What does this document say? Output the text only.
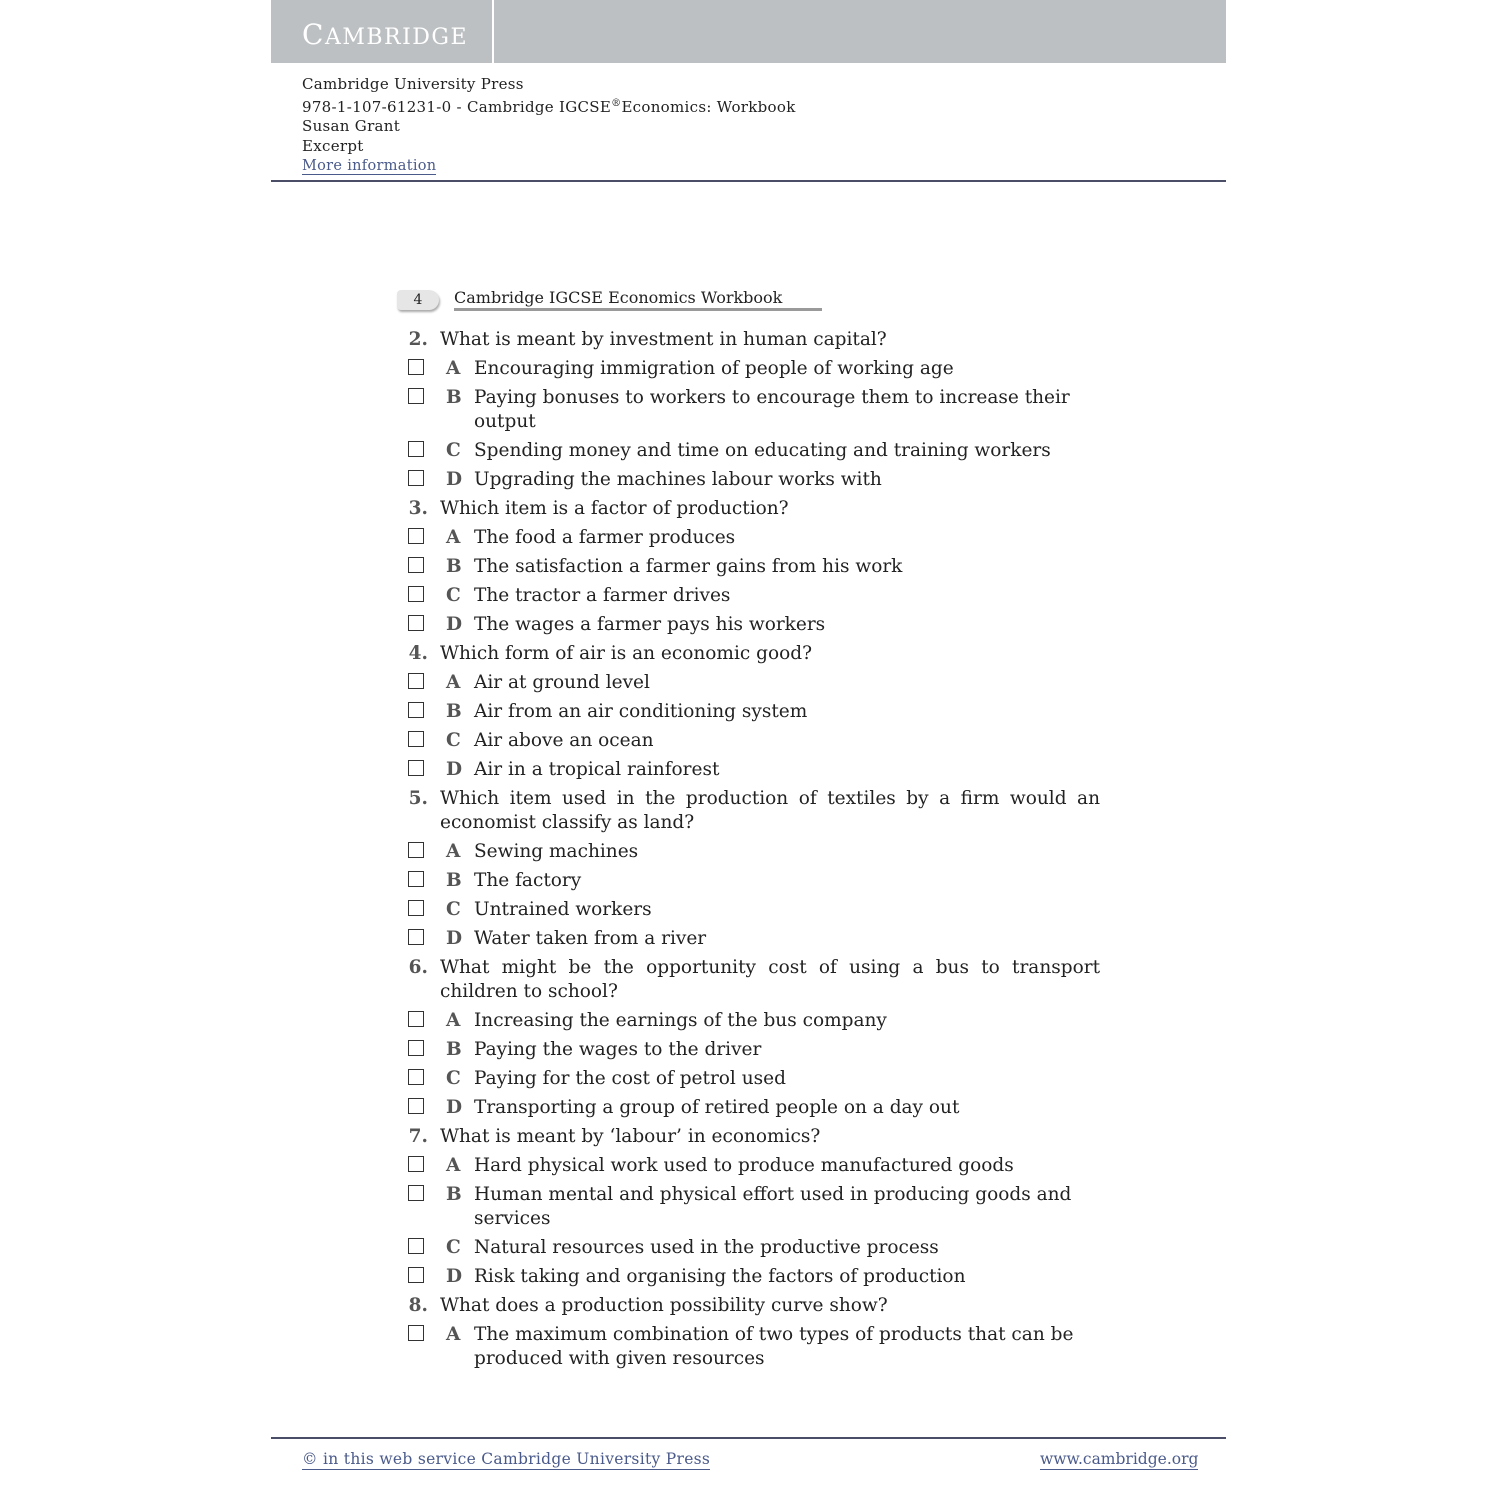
CAMBRIDGE
Cambridge University Press
978-1-107-61231-0 - Cambridge IGCSE®Economics: Workbook
Susan Grant
Excerpt
More information
4	Cambridge IGCSE Economics Workbook
2. What is meant by investment in human capital?
A Encouraging immigration of people of working age
B Paying bonuses to workers to encourage them to increase their output
C Spending money and time on educating and training workers
D Upgrading the machines labour works with
3. Which item is a factor of production?
A The food a farmer produces
B The satisfaction a farmer gains from his work
C The tractor a farmer drives
D The wages a farmer pays his workers
4. Which form of air is an economic good?
A Air at ground level
B Air from an air conditioning system
C Air above an ocean
D Air in a tropical rainforest
5. Which item used in the production of textiles by a firm would an economist classify as land?
A Sewing machines
B The factory
C Untrained workers
D Water taken from a river
6. What might be the opportunity cost of using a bus to transport children to school?
A Increasing the earnings of the bus company
B Paying the wages to the driver
C Paying for the cost of petrol used
D Transporting a group of retired people on a day out
7. What is meant by ‘labour’ in economics?
A Hard physical work used to produce manufactured goods
B Human mental and physical effort used in producing goods and services
C Natural resources used in the productive process
D Risk taking and organising the factors of production
8. What does a production possibility curve show?
A The maximum combination of two types of products that can be produced with given resources
© in this web service Cambridge University Press	www.cambridge.org
